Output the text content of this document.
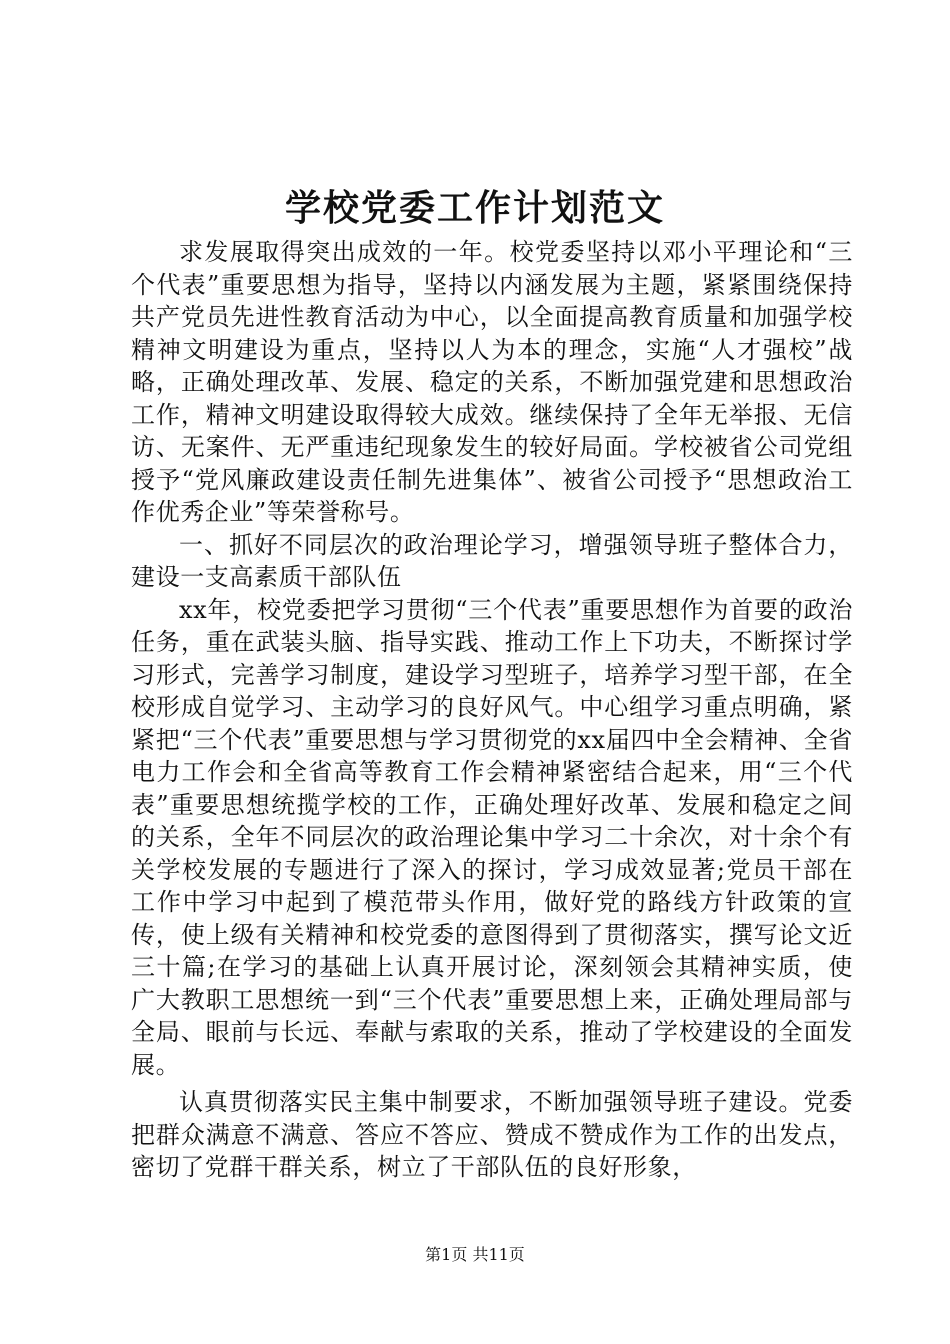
学校党委工作计划范文

求发展取得突出成效的一年。校党委坚持以邓小平理论和“三个代表”重要思想为指导，坚持以内涵发展为主题，紧紧围绕保持共产党员先进性教育活动为中心，以全面提高教育质量和加强学校精神文明建设为重点，坚持以人为本的理念，实施“人才强校”战略，正确处理改革、发展、稳定的关系，不断加强党建和思想政治工作，精神文明建设取得较大成效。继续保持了全年无举报、无信访、无案件、无严重违纪现象发生的较好局面。学校被省公司党组授予“党风廉政建设责任制先进集体”、被省公司授予“思想政治工作优秀企业”等荣誉称号。

一、抓好不同层次的政治理论学习，增强领导班子整体合力，建设一支高素质干部队伍

xx年，校党委把学习贯彻“三个代表”重要思想作为首要的政治任务，重在武装头脑、指导实践、推动工作上下功夫，不断探讨学习形式，完善学习制度，建设学习型班子，培养学习型干部，在全校形成自觉学习、主动学习的良好风气。中心组学习重点明确，紧紧把“三个代表”重要思想与学习贯彻党的xx届四中全会精神、全省电力工作会和全省高等教育工作会精神紧密结合起来，用“三个代表”重要思想统揽学校的工作，正确处理好改革、发展和稳定之间的关系，全年不同层次的政治理论集中学习二十余次，对十余个有关学校发展的专题进行了深入的探讨，学习成效显著;党员干部在工作中学习中起到了模范带头作用，做好党的路线方针政策的宣传，使上级有关精神和校党委的意图得到了贯彻落实，撰写论文近三十篇;在学习的基础上认真开展讨论，深刻领会其精神实质，使广大教职工思想统一到“三个代表”重要思想上来，正确处理局部与全局、眼前与长远、奉献与索取的关系，推动了学校建设的全面发展。

认真贯彻落实民主集中制要求，不断加强领导班子建设。党委把群众满意不满意、答应不答应、赞成不赞成作为工作的出发点，密切了党群干群关系，树立了干部队伍的良好形象，

第1页 共11页
